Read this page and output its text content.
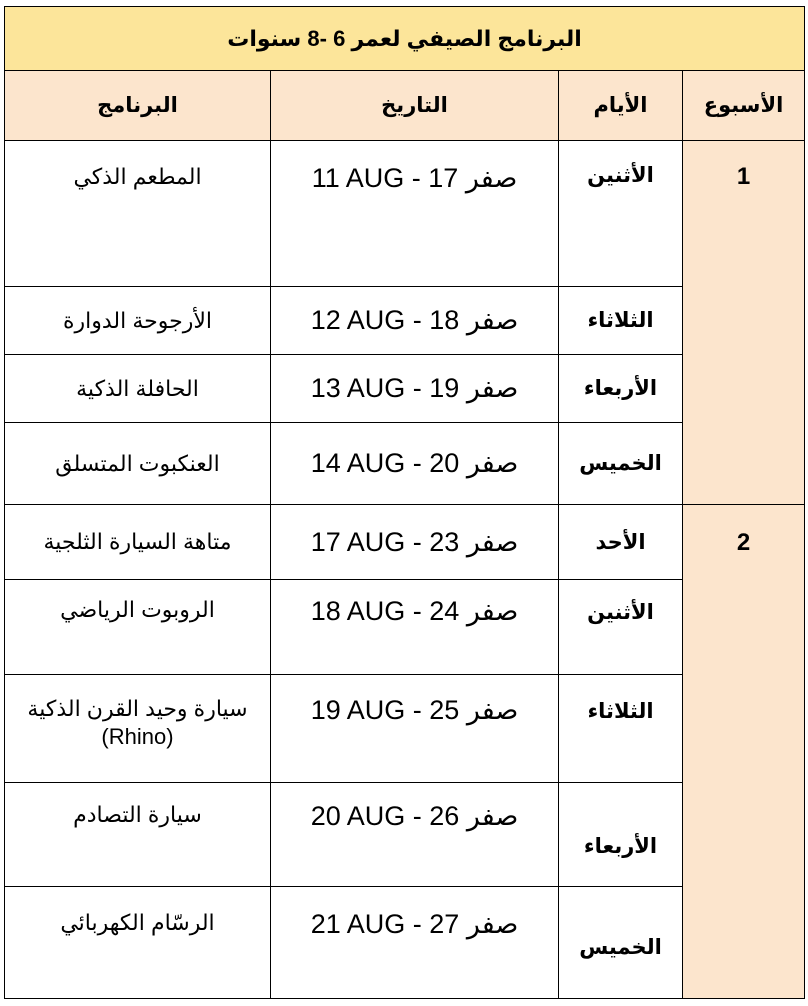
البرنامج الصيفي لعمر 6 -8 سنوات			
البرنامج	التاريخ	الأيام	الأسبوع
المطعم الذكي	11 AUG - صفر 17	الأثنين	1
الأرجوحة الدوارة	12 AUG - صفر 18	الثلاثاء	
الحافلة الذكية	13 AUG - صفر 19	الأربعاء	
العنكبوت المتسلق	14 AUG - صفر 20	الخميس	
متاهة السيارة الثلجية	17 AUG - صفر 23	الأحد	2
الروبوت الرياضي	18 AUG - صفر 24	الأثنين	
سيارة وحيد القرن الذكية (Rhino)	19 AUG - صفر 25	الثلاثاء	
سيارة التصادم	20 AUG - صفر 26	الأربعاء	
الرسّام الكهربائي	21 AUG - صفر 27	الخميس	
